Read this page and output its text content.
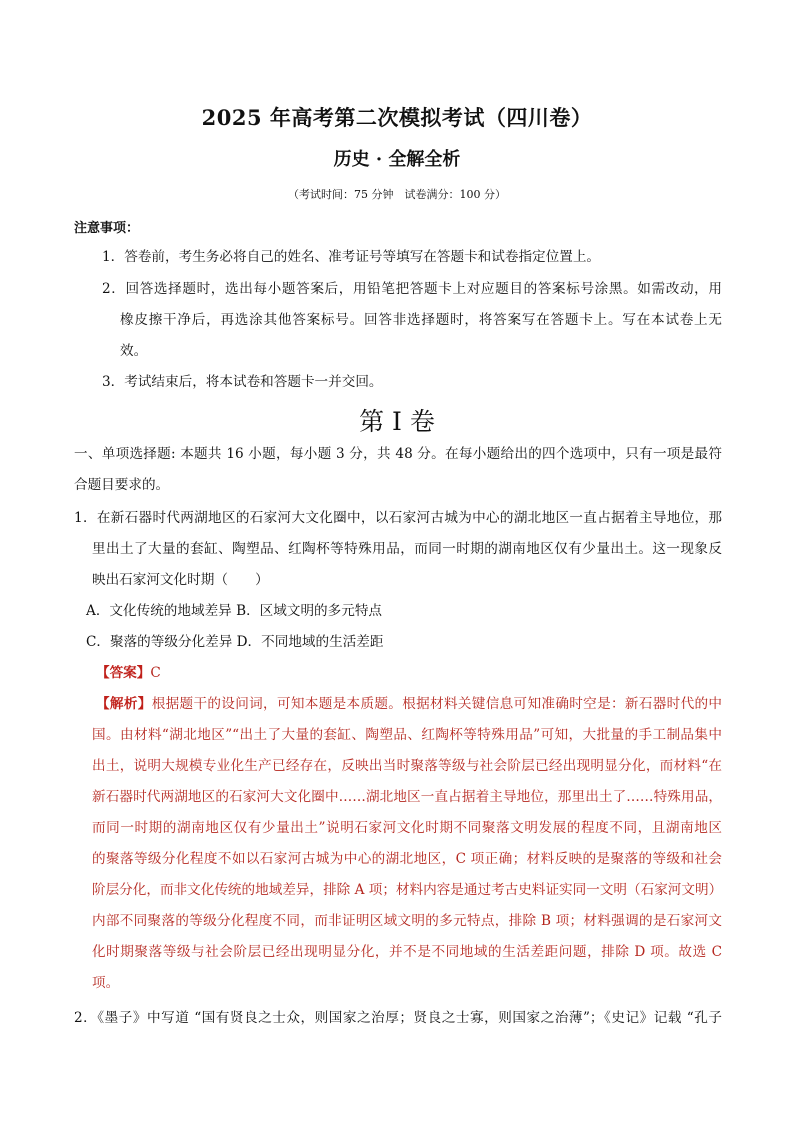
2025 年高考第二次模拟考试（四川卷）
历史 · 全解全析
（考试时间：75 分钟　试卷满分：100 分）
注意事项：
1．答卷前，考生务必将自己的姓名、准考证号等填写在答题卡和试卷指定位置上。
2．回答选择题时，选出每小题答案后，用铅笔把答题卡上对应题目的答案标号涂黑。如需改动，用
橡皮擦干净后，再选涂其他答案标号。回答非选择题时，将答案写在答题卡上。写在本试卷上无
效。
3．考试结束后，将本试卷和答题卡一并交回。
第 I 卷
一、单项选择题: 本题共 16 小题，每小题 3 分，共 48 分。在每小题给出的四个选项中，只有一项是最符
合题目要求的。
1．在新石器时代两湖地区的石家河大文化圈中，以石家河古城为中心的湖北地区一直占据着主导地位，那
里出土了大量的套缸、陶塑品、红陶杯等特殊用品，而同一时期的湖南地区仅有少量出土。这一现象反
映出石家河文化时期（　　）
A．文化传统的地域差异 B．区域文明的多元特点
C．聚落的等级分化差异 D．不同地域的生活差距
【答案】C
【解析】根据题干的设问词，可知本题是本质题。根据材料关键信息可知准确时空是：新石器时代的中
国。由材料“湖北地区”“出土了大量的套缸、陶塑品、红陶杯等特殊用品”可知，大批量的手工制品集中
出土，说明大规模专业化生产已经存在，反映出当时聚落等级与社会阶层已经出现明显分化，而材料“在
新石器时代两湖地区的石家河大文化圈中……湖北地区一直占据着主导地位，那里出土了……特殊用品，
而同一时期的湖南地区仅有少量出土”说明石家河文化时期不同聚落文明发展的程度不同，且湖南地区
的聚落等级分化程度不如以石家河古城为中心的湖北地区，C 项正确；材料反映的是聚落的等级和社会
阶层分化，而非文化传统的地域差异，排除 A 项；材料内容是通过考古史料证实同一文明（石家河文明）
内部不同聚落的等级分化程度不同，而非证明区域文明的多元特点，排除 B 项；材料强调的是石家河文
化时期聚落等级与社会阶层已经出现明显分化，并不是不同地域的生活差距问题，排除 D 项。故选 C
项。
2．《墨子》中写道 “国有贤良之士众，则国家之治厚；贤良之士寡，则国家之治薄”；《史记》记载 “孔子
